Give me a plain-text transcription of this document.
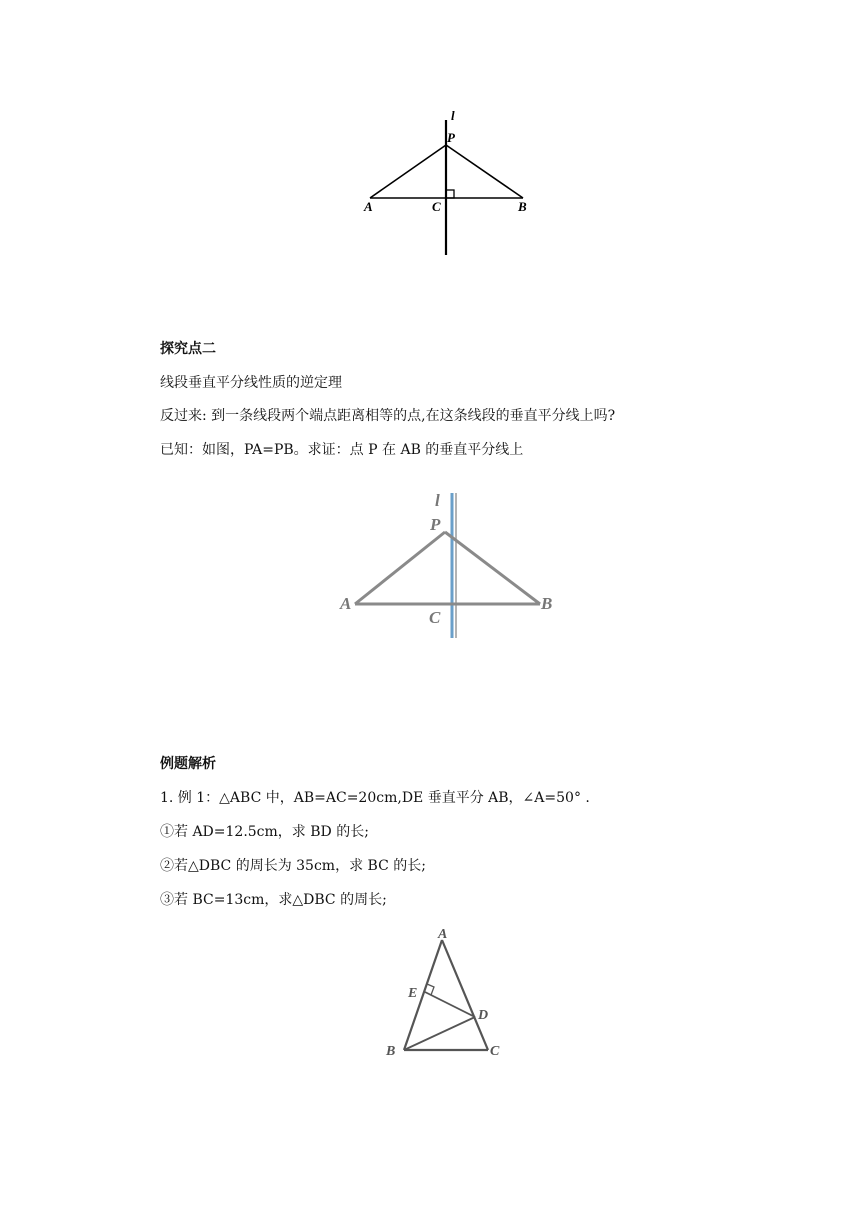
l
P
A	C	B
探究点二
线段垂直平分线性质的逆定理
反过来: 到一条线段两个端点距离相等的点,在这条线段的垂直平分线上吗?
已知：如图，PA=PB。求证：点 P 在 AB 的垂直平分线上
l
P
A
C
B
例题解析
1. 例 1：△ABC 中，AB=AC=20cm,DE 垂直平分 AB，∠A=50° .
①若 AD=12.5cm，求 BD 的长;
②若△DBC 的周长为 35cm，求 BC 的长;
③若 BC=13cm，求△DBC 的周长;
A
E
D
B	C
